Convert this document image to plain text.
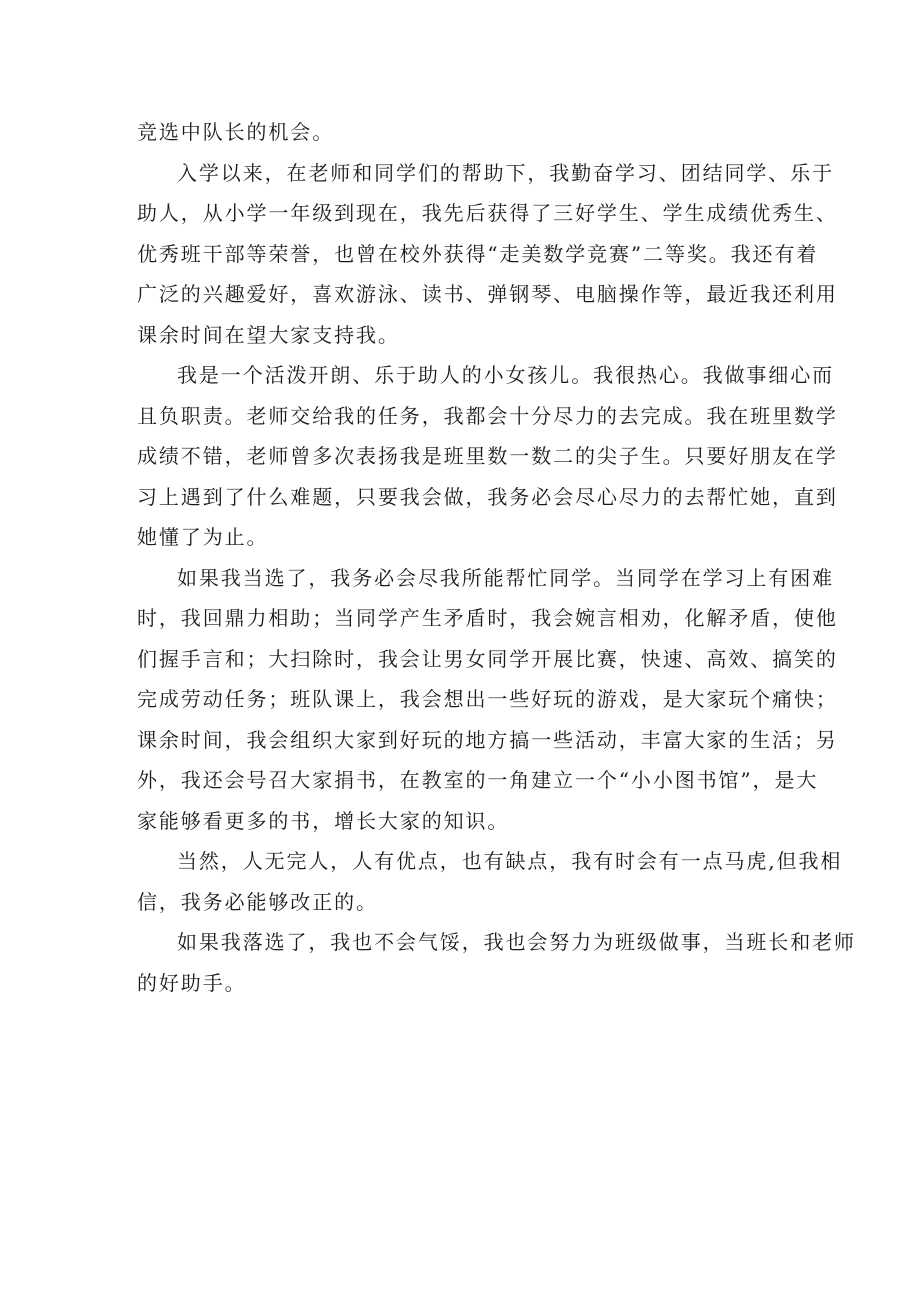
竞选中队长的机会。

入学以来，在老师和同学们的帮助下，我勤奋学习、团结同学、乐于
助人，从小学一年级到现在，我先后获得了三好学生、学生成绩优秀生、
优秀班干部等荣誉，也曾在校外获得“走美数学竞赛”二等奖。我还有着
广泛的兴趣爱好，喜欢游泳、读书、弹钢琴、电脑操作等，最近我还利用
课余时间在望大家支持我。

我是一个活泼开朗、乐于助人的小女孩儿。我很热心。我做事细心而
且负职责。老师交给我的任务，我都会十分尽力的去完成。我在班里数学
成绩不错，老师曾多次表扬我是班里数一数二的尖子生。只要好朋友在学
习上遇到了什么难题，只要我会做，我务必会尽心尽力的去帮忙她，直到
她懂了为止。

如果我当选了，我务必会尽我所能帮忙同学。当同学在学习上有困难
时，我回鼎力相助；当同学产生矛盾时，我会婉言相劝，化解矛盾，使他
们握手言和；大扫除时，我会让男女同学开展比赛，快速、高效、搞笑的
完成劳动任务；班队课上，我会想出一些好玩的游戏，是大家玩个痛快；
课余时间，我会组织大家到好玩的地方搞一些活动，丰富大家的生活；另
外，我还会号召大家捐书，在教室的一角建立一个“小小图书馆”，是大
家能够看更多的书，增长大家的知识。

当然，人无完人，人有优点，也有缺点，我有时会有一点马虎,但我相
信，我务必能够改正的。

如果我落选了，我也不会气馁，我也会努力为班级做事，当班长和老师
的好助手。
